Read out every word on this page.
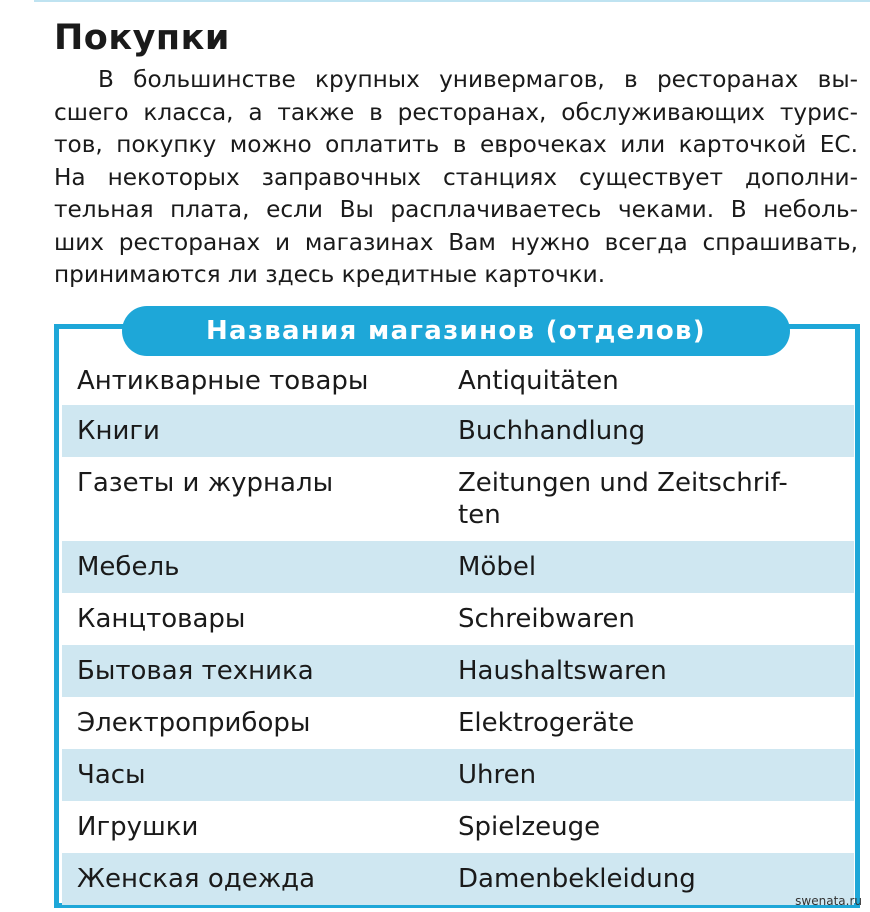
Покупки
В большинстве крупных универмагов, в ресторанах вы-
сшего класса, а также в ресторанах, обслуживающих турис-
тов, покупку можно оплатить в еврочеках или карточкой ЕС.
На некоторых заправочных станциях существует дополни-
тельная плата, если Вы расплачиваетесь чеками. В неболь-
ших ресторанах и магазинах Вам нужно всегда спрашивать,
принимаются ли здесь кредитные карточки.
Названия магазинов (отделов)
Антикварные товары	Antiquitäten
Книги	Buchhandlung
Газеты и журналы	Zeitungen und Zeitschrif-
ten
Мебель	Möbel
Канцтовары	Schreibwaren
Бытовая техника	Haushaltswaren
Электроприборы	Elektrogeräte
Часы	Uhren
Игрушки	Spielzeuge
Женская одежда	Damenbekleidung
swenata.ru
